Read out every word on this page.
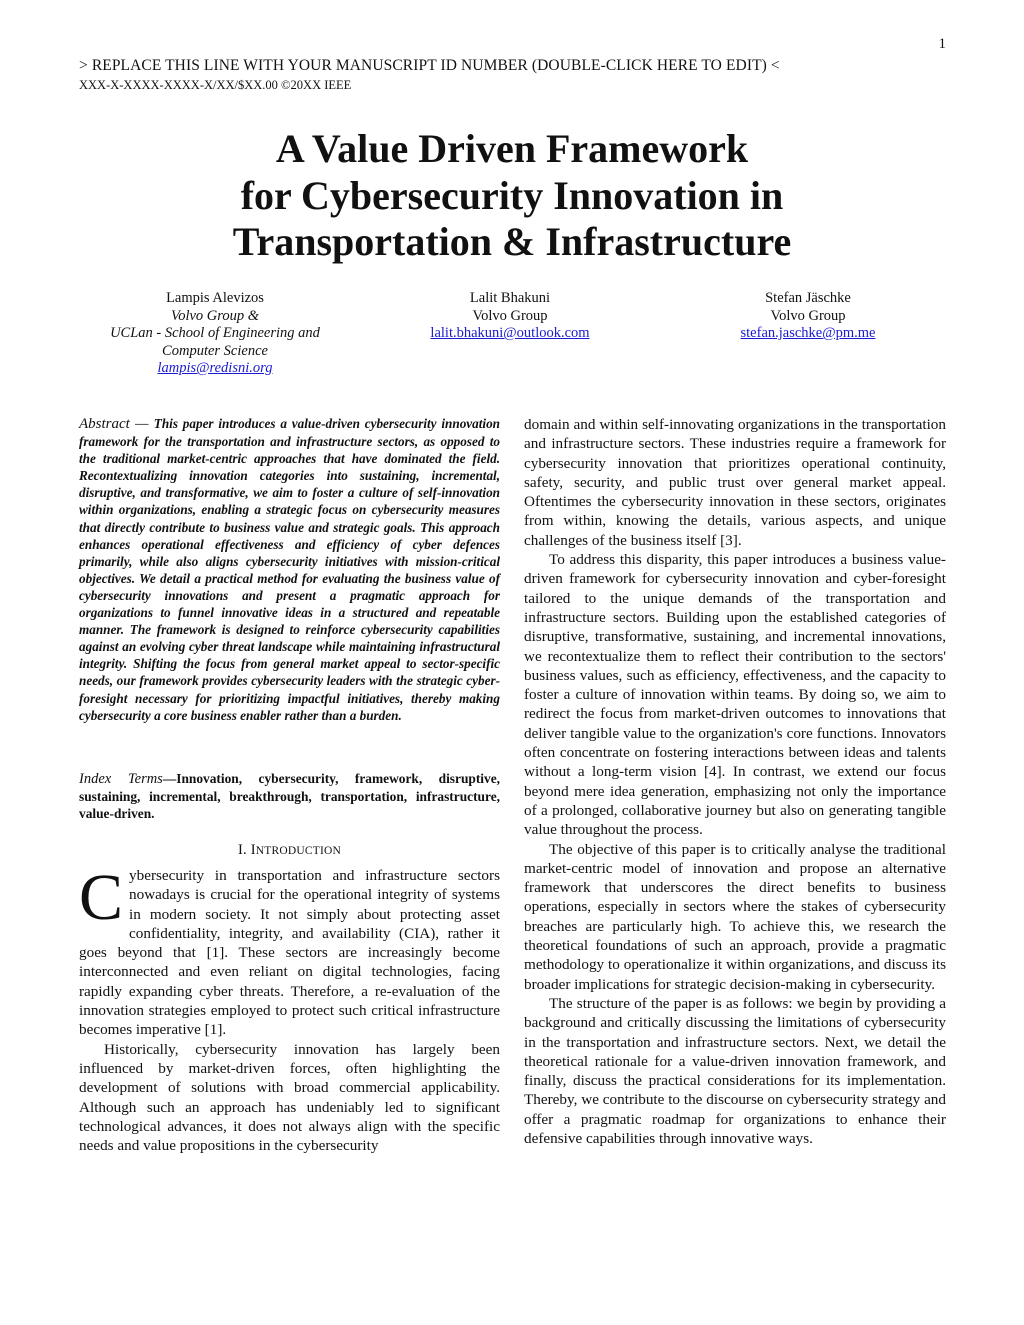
1
> REPLACE THIS LINE WITH YOUR MANUSCRIPT ID NUMBER (DOUBLE-CLICK HERE TO EDIT) <
XXX-X-XXXX-XXXX-X/XX/$XX.00 ©20XX IEEE
A Value Driven Framework
for Cybersecurity Innovation in
Transportation & Infrastructure
Lampis Alevizos
Volvo Group &
UCLan - School of Engineering and
Computer Science
lampis@redisni.org
Lalit Bhakuni
Volvo Group
lalit.bhakuni@outlook.com
Stefan Jäschke
Volvo Group
stefan.jaschke@pm.me

Abstract — This paper introduces a value-driven cybersecurity innovation framework for the transportation and infrastructure sectors, as opposed to the traditional market-centric approaches that have dominated the field. Recontextualizing innovation categories into sustaining, incremental, disruptive, and transformative, we aim to foster a culture of self-innovation within organizations, enabling a strategic focus on cybersecurity measures that directly contribute to business value and strategic goals. This approach enhances operational effectiveness and efficiency of cyber defences primarily, while also aligns cybersecurity initiatives with mission-critical objectives. We detail a practical method for evaluating the business value of cybersecurity innovations and present a pragmatic approach for organizations to funnel innovative ideas in a structured and repeatable manner. The framework is designed to reinforce cybersecurity capabilities against an evolving cyber threat landscape while maintaining infrastructural integrity. Shifting the focus from general market appeal to sector-specific needs, our framework provides cybersecurity leaders with the strategic cyber-foresight necessary for prioritizing impactful initiatives, thereby making cybersecurity a core business enabler rather than a burden.

Index Terms—Innovation, cybersecurity, framework, disruptive, sustaining, incremental, breakthrough, transportation, infrastructure, value-driven.

I. INTRODUCTION

Cybersecurity in transportation and infrastructure sectors nowadays is crucial for the operational integrity of systems in modern society. It not simply about protecting asset confidentiality, integrity, and availability (CIA), rather it goes beyond that [1]. These sectors are increasingly become interconnected and even reliant on digital technologies, facing rapidly expanding cyber threats. Therefore, a re-evaluation of the innovation strategies employed to protect such critical infrastructure becomes imperative [1].

Historically, cybersecurity innovation has largely been influenced by market-driven forces, often highlighting the development of solutions with broad commercial applicability. Although such an approach has undeniably led to significant technological advances, it does not always align with the specific needs and value propositions in the cybersecurity

domain and within self-innovating organizations in the transportation and infrastructure sectors. These industries require a framework for cybersecurity innovation that prioritizes operational continuity, safety, security, and public trust over general market appeal. Oftentimes the cybersecurity innovation in these sectors, originates from within, knowing the details, various aspects, and unique challenges of the business itself [3].

To address this disparity, this paper introduces a business value-driven framework for cybersecurity innovation and cyber-foresight tailored to the unique demands of the transportation and infrastructure sectors. Building upon the established categories of disruptive, transformative, sustaining, and incremental innovations, we recontextualize them to reflect their contribution to the sectors' business values, such as efficiency, effectiveness, and the capacity to foster a culture of innovation within teams. By doing so, we aim to redirect the focus from market-driven outcomes to innovations that deliver tangible value to the organization's core functions. Innovators often concentrate on fostering interactions between ideas and talents without a long-term vision [4]. In contrast, we extend our focus beyond mere idea generation, emphasizing not only the importance of a prolonged, collaborative journey but also on generating tangible value throughout the process.

The objective of this paper is to critically analyse the traditional market-centric model of innovation and propose an alternative framework that underscores the direct benefits to business operations, especially in sectors where the stakes of cybersecurity breaches are particularly high. To achieve this, we research the theoretical foundations of such an approach, provide a pragmatic methodology to operationalize it within organizations, and discuss its broader implications for strategic decision-making in cybersecurity.

The structure of the paper is as follows: we begin by providing a background and critically discussing the limitations of cybersecurity in the transportation and infrastructure sectors. Next, we detail the theoretical rationale for a value-driven innovation framework, and finally, discuss the practical considerations for its implementation. Thereby, we contribute to the discourse on cybersecurity strategy and offer a pragmatic roadmap for organizations to enhance their defensive capabilities through innovative ways.
